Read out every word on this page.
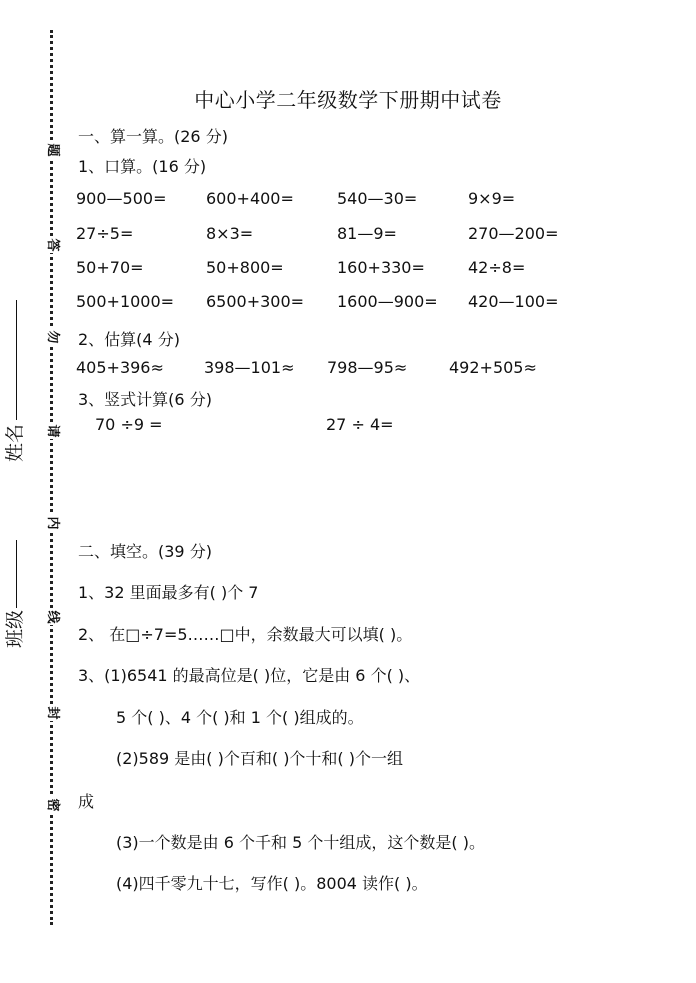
题
答
勿
请
内
线
封
密
姓名
班级
中心小学二年级数学下册期中试卷
一、算一算。(26 分)
1、口算。(16 分)
900—500= 600+400=	540—30=	9×9=
27÷5=	8×3=	81—9=	270—200=
50+70=	50+800=	160+330=	42÷8=
500+1000= 6500+300= 1600—900= 420—100=
2、估算(4 分)
405+396≈	398—101≈ 798—95≈	492+505≈
3、竖式计算(6 分)
70 ÷9 =	27 ÷ 4=
二、填空。(39 分)
1、32 里面最多有( )个 7
2、 在□÷7=5……□中，余数最大可以填( )。
3、(1)6541 的最高位是( )位，它是由 6 个( )、
5 个( )、4 个( )和 1 个( )组成的。
(2)589 是由( )个百和( )个十和( )个一组
成
(3)一个数是由 6 个千和 5 个十组成，这个数是( )。
(4)四千零九十七，写作( )。8004 读作( )。
